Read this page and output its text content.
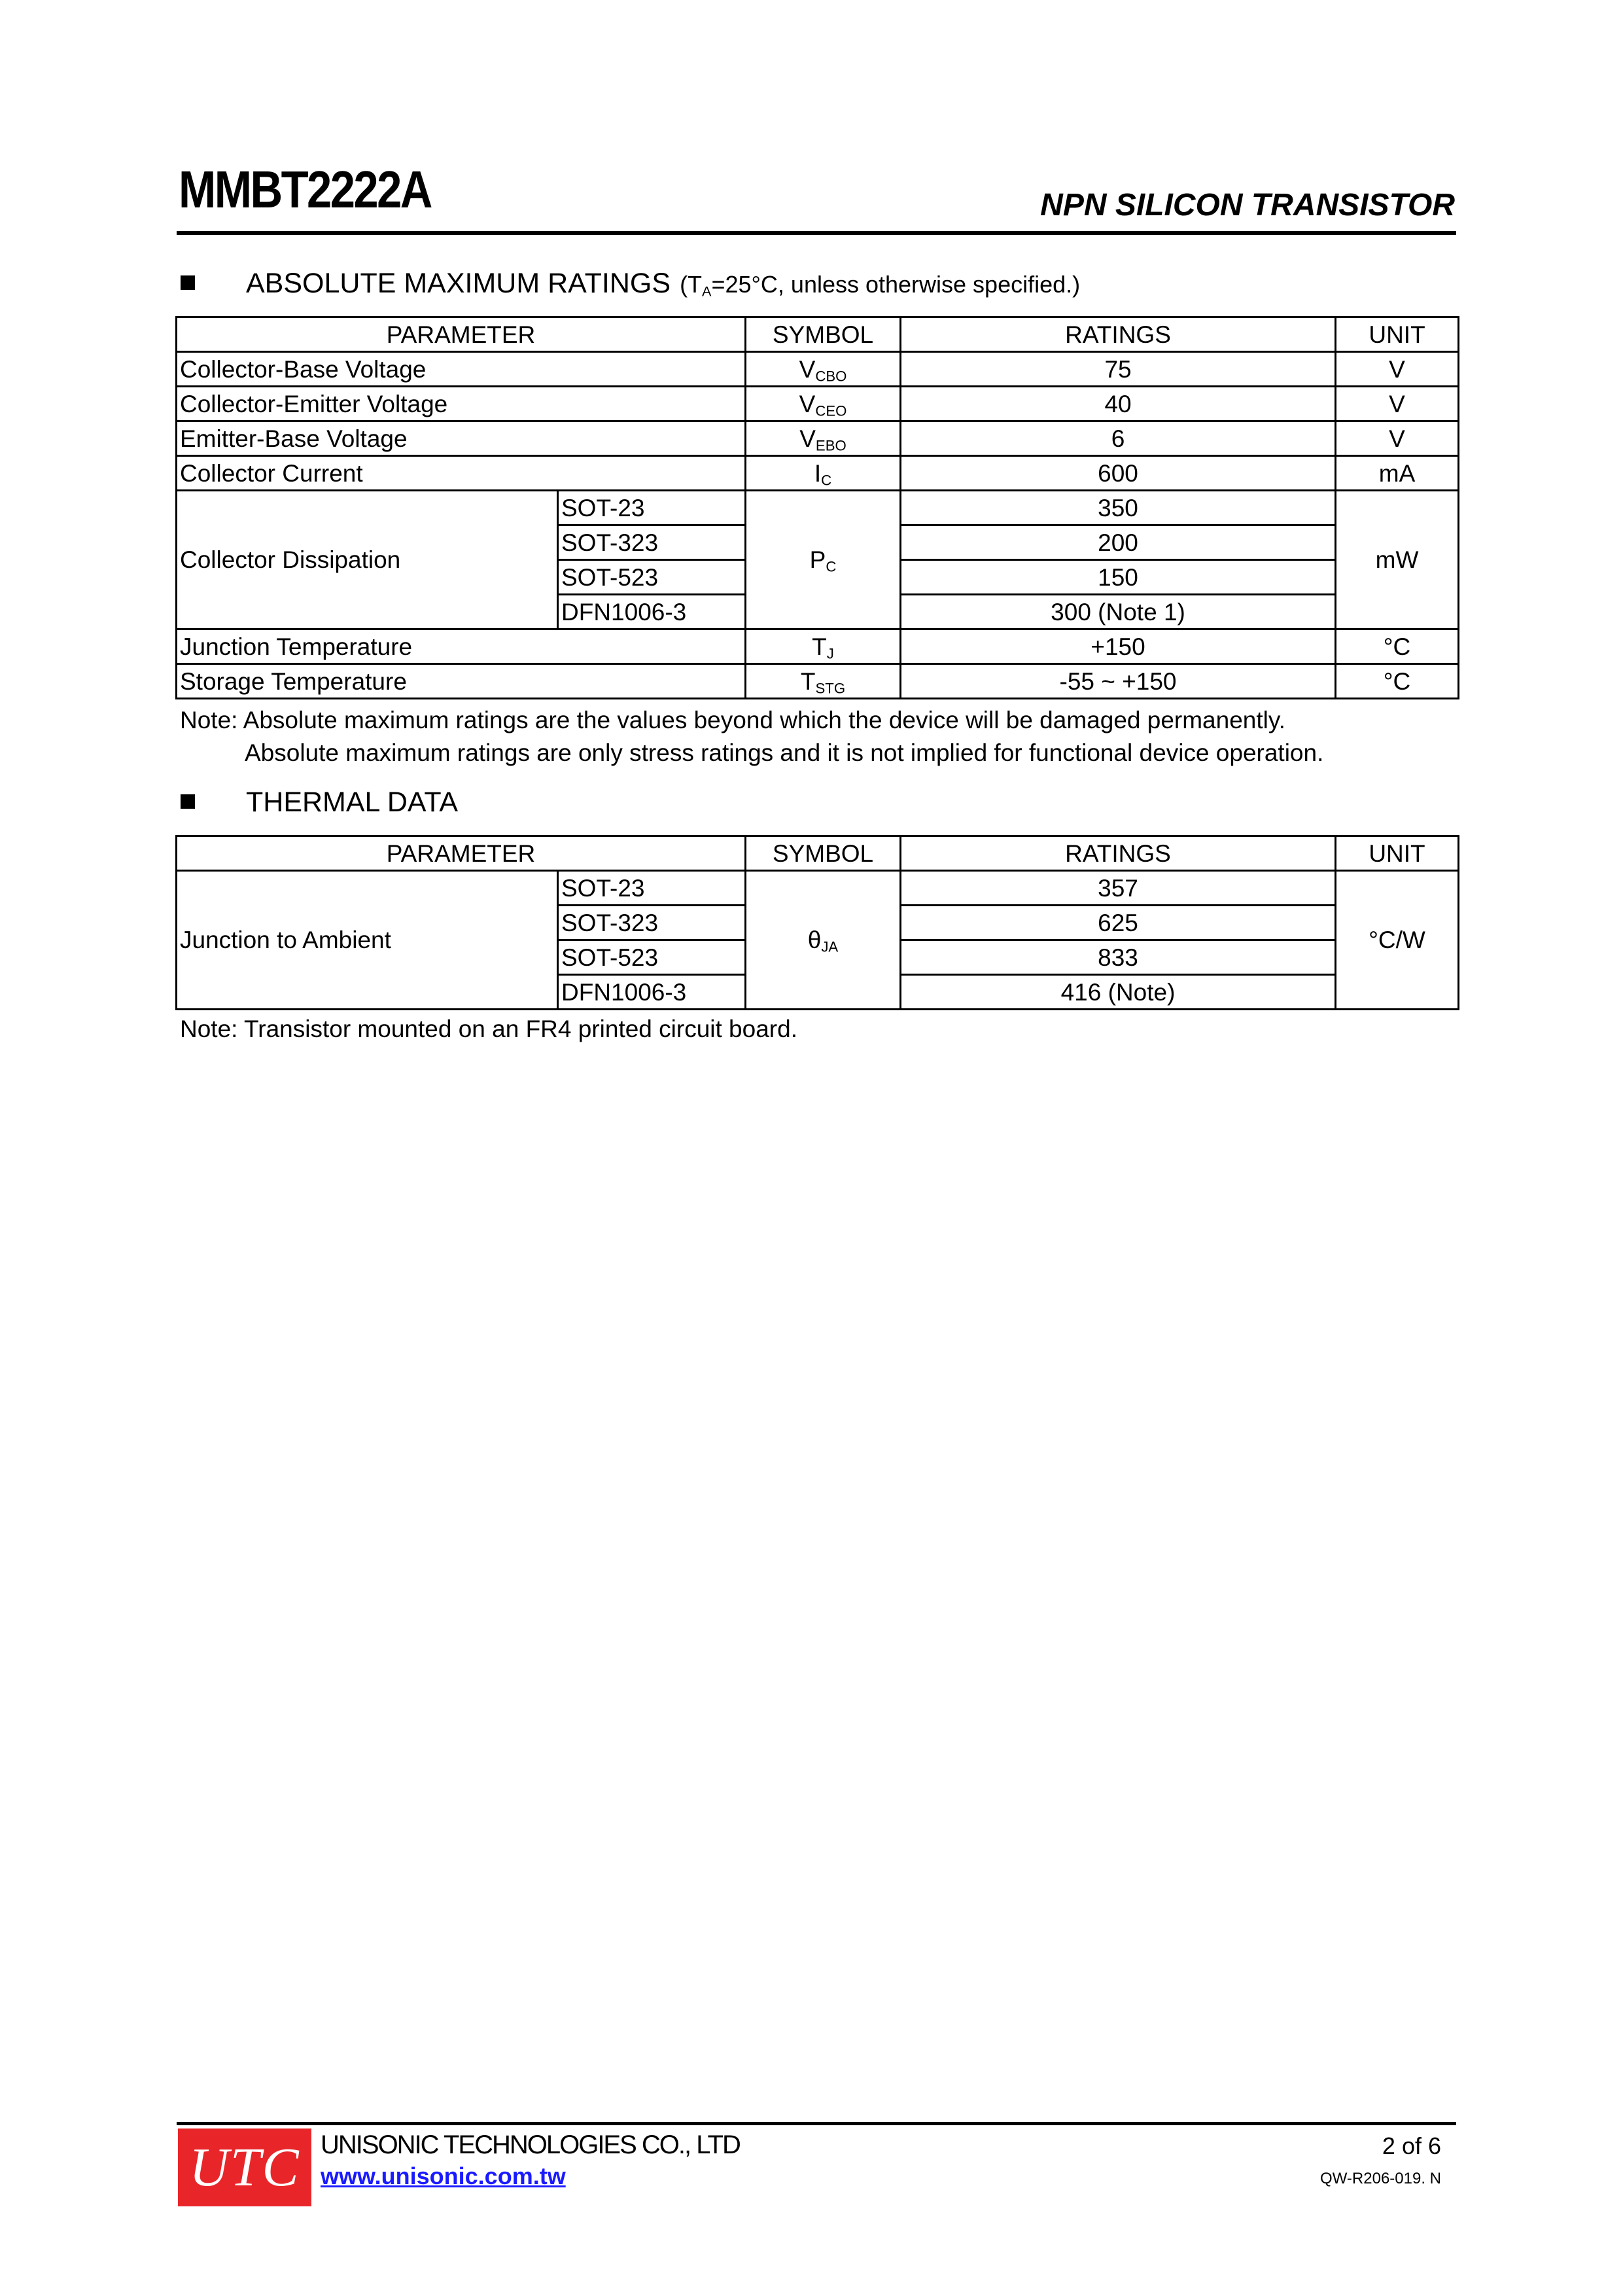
MMBT2222A	NPN SILICON TRANSISTOR
ABSOLUTE MAXIMUM RATINGS ($T_A=25^\circ C$, unless otherwise specified.)
PARAMETER		SYMBOL	RATINGS	UNIT
Collector-Base Voltage		$V_{CBO}$	75	V
Collector-Emitter Voltage		$V_{CEO}$	40	V
Emitter-Base Voltage		$V_{EBO}$	6	V
Collector Current		$I_C$	600	mA
Collector Dissipation	SOT-23	$P_C$	350	mW
	SOT-323		200	
	SOT-523		150	
	DFN1006-3		300 (Note 1)	
Junction Temperature		$T_J$	+150	°C
Storage Temperature		$T_{STG}$	-55 ~ +150	°C
Note: Absolute maximum ratings are the values beyond which the device will be damaged permanently.
Absolute maximum ratings are only stress ratings and it is not implied for functional device operation.
THERMAL DATA
PARAMETER		SYMBOL	RATINGS	UNIT
Junction to Ambient	SOT-23	$\theta_{JA}$	357	°C/W
	SOT-323		625	
	SOT-523		833	
	DFN1006-3		416 (Note)	
Note: Transistor mounted on an FR4 printed circuit board.
UTC UNISONIC TECHNOLOGIES CO., LTD
www.unisonic.com.tw
2 of 6
QW-R206-019. N
